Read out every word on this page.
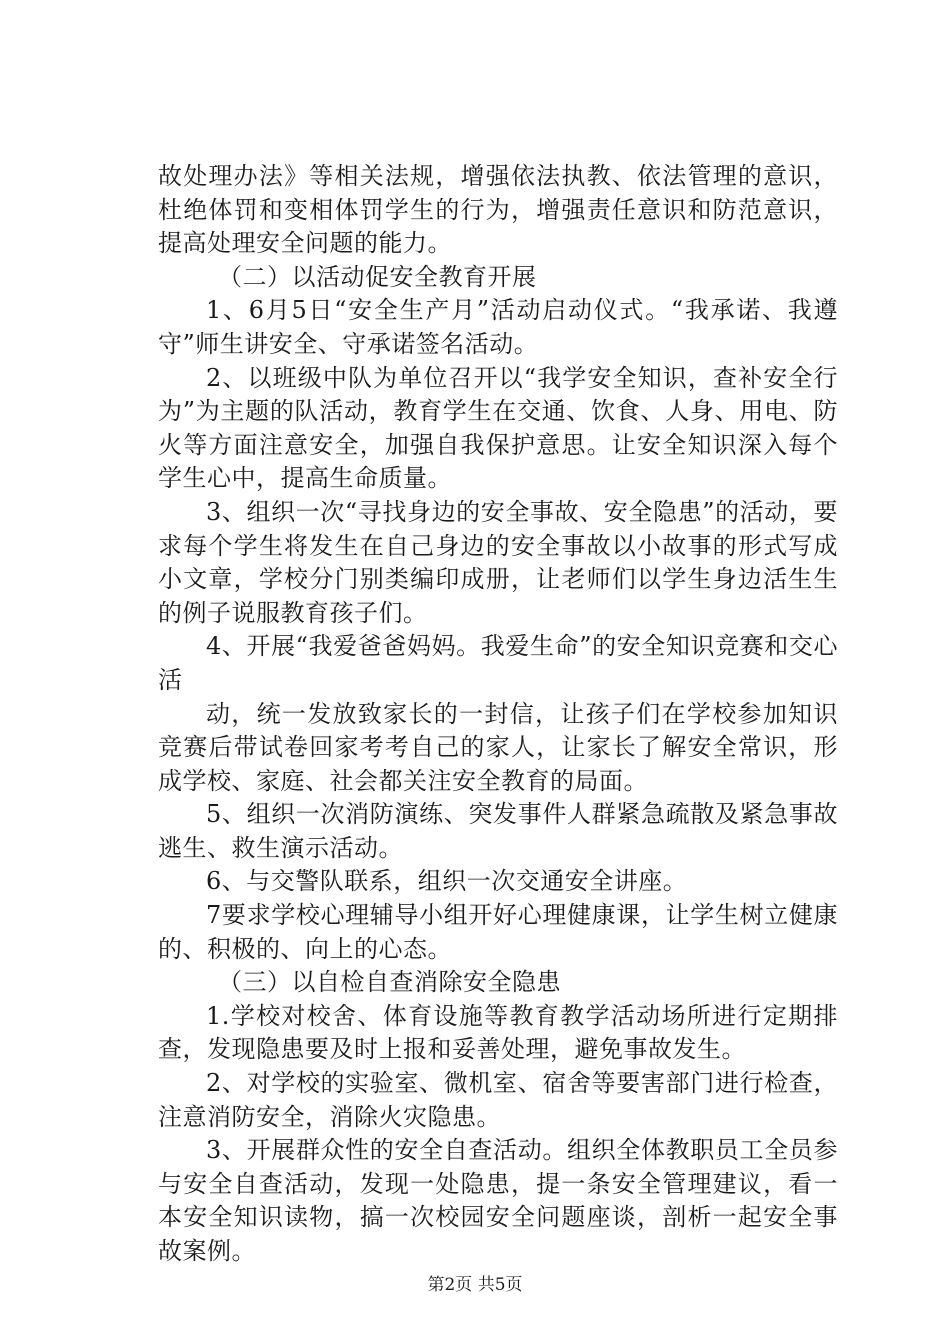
故处理办法》等相关法规，增强依法执教、依法管理的意识，杜绝体罚和变相体罚学生的行为，增强责任意识和防范意识，提高处理安全问题的能力。

（二）以活动促安全教育开展

1、6月5日“安全生产月”活动启动仪式。“我承诺、我遵守”师生讲安全、守承诺签名活动。

2、以班级中队为单位召开以“我学安全知识，查补安全行为”为主题的队活动，教育学生在交通、饮食、人身、用电、防火等方面注意安全，加强自我保护意思。让安全知识深入每个学生心中，提高生命质量。

3、组织一次“寻找身边的安全事故、安全隐患”的活动，要求每个学生将发生在自己身边的安全事故以小故事的形式写成小文章，学校分门别类编印成册，让老师们以学生身边活生生的例子说服教育孩子们。

4、开展“我爱爸爸妈妈。我爱生命”的安全知识竞赛和交心活

动，统一发放致家长的一封信，让孩子们在学校参加知识竞赛后带试卷回家考考自己的家人，让家长了解安全常识，形成学校、家庭、社会都关注安全教育的局面。

5、组织一次消防演练、突发事件人群紧急疏散及紧急事故逃生、救生演示活动。

6、与交警队联系，组织一次交通安全讲座。

7要求学校心理辅导小组开好心理健康课，让学生树立健康的、积极的、向上的心态。

（三）以自检自查消除安全隐患

1.学校对校舍、体育设施等教育教学活动场所进行定期排查，发现隐患要及时上报和妥善处理，避免事故发生。

2、对学校的实验室、微机室、宿舍等要害部门进行检查，注意消防安全，消除火灾隐患。

3、开展群众性的安全自查活动。组织全体教职员工全员参与安全自查活动，发现一处隐患，提一条安全管理建议，看一本安全知识读物，搞一次校园安全问题座谈，剖析一起安全事故案例。

第2页 共5页
